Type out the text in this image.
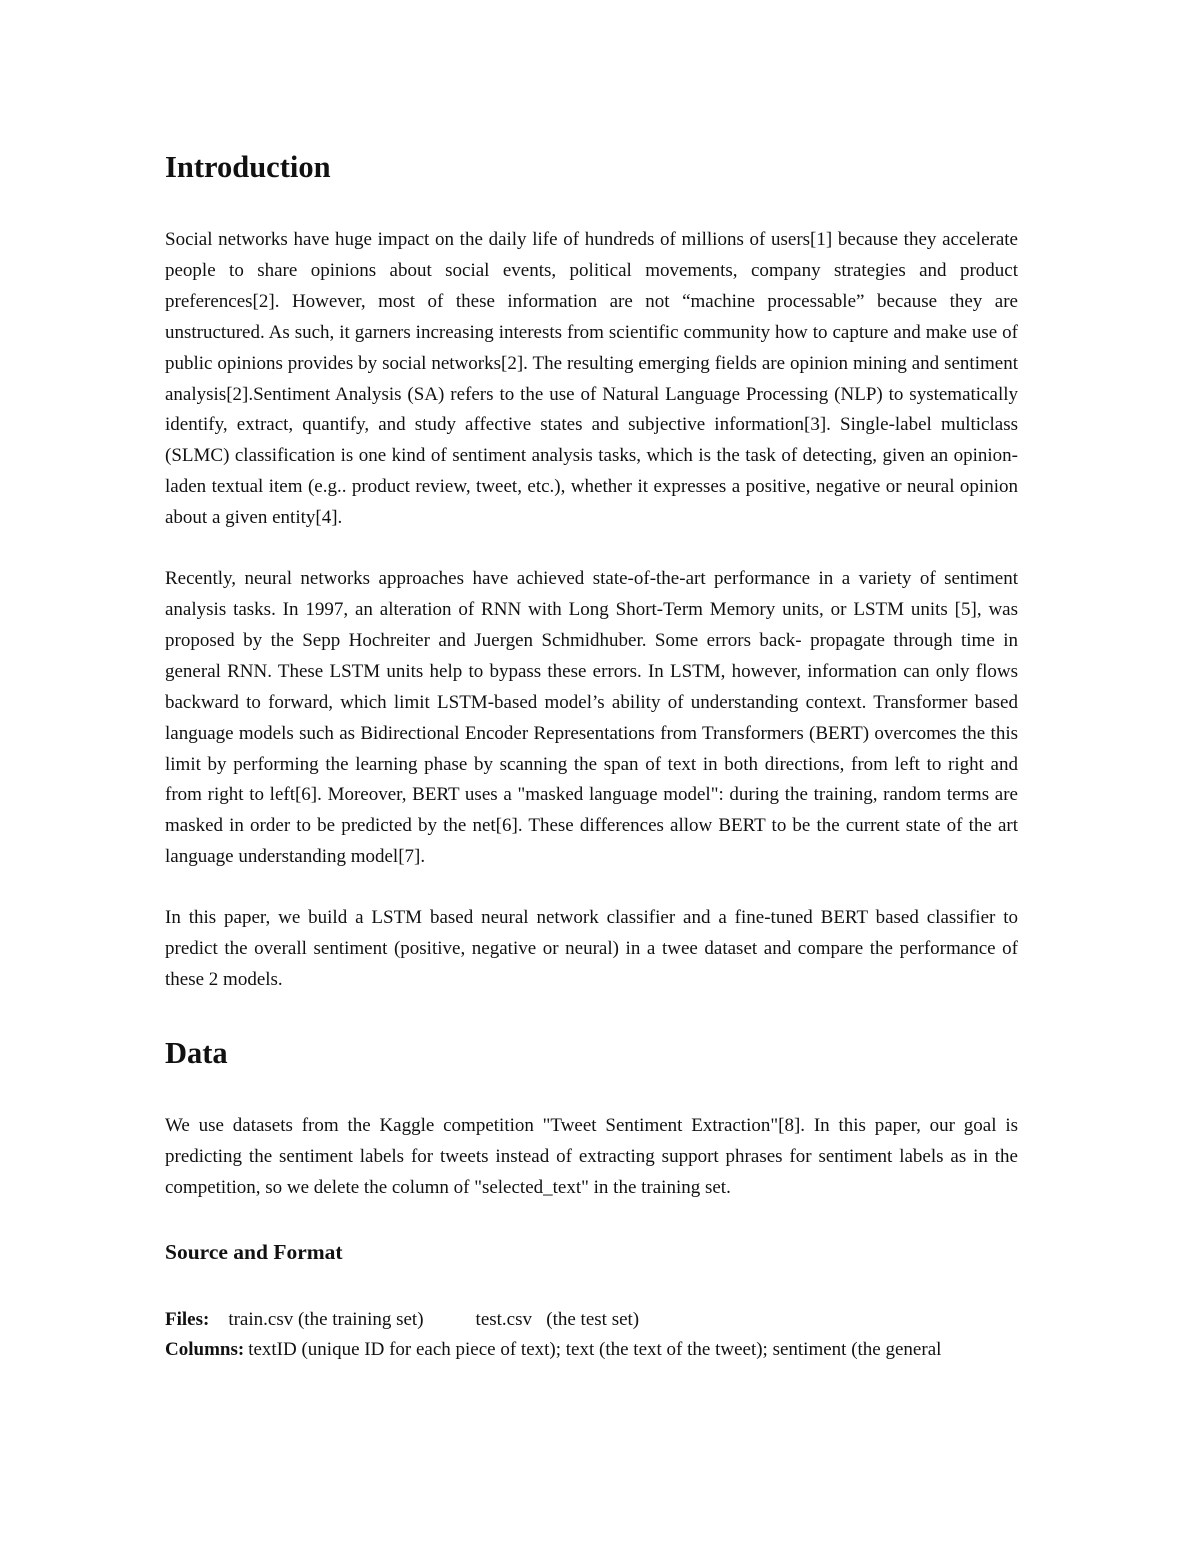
Introduction

Social networks have huge impact on the daily life of hundreds of millions of users[1] because they accelerate people to share opinions about social events, political movements, company strategies and product preferences[2]. However, most of these information are not “machine processable” because they are unstructured. As such, it garners increasing interests from scientific community how to capture and make use of public opinions provides by social networks[2]. The resulting emerging fields are opinion mining and sentiment analysis[2].Sentiment Analysis (SA) refers to the use of Natural Language Processing (NLP) to systematically identify, extract, quantify, and study affective states and subjective information[3]. Single-label multiclass (SLMC) classification is one kind of sentiment analysis tasks, which is the task of detecting, given an opinion-laden textual item (e.g.. product review, tweet, etc.), whether it expresses a positive, negative or neural opinion about a given entity[4].

Recently, neural networks approaches have achieved state-of-the-art performance in a variety of sentiment analysis tasks. In 1997, an alteration of RNN with Long Short-Term Memory units, or LSTM units [5], was proposed by the Sepp Hochreiter and Juergen Schmidhuber. Some errors back- propagate through time in general RNN. These LSTM units help to bypass these errors. In LSTM, however, information can only flows backward to forward, which limit LSTM-based model’s ability of understanding context. Transformer based language models such as Bidirectional Encoder Representations from Transformers (BERT) overcomes the this limit by performing the learning phase by scanning the span of text in both directions, from left to right and from right to left[6]. Moreover, BERT uses a "masked language model": during the training, random terms are masked in order to be predicted by the net[6]. These differences allow BERT to be the current state of the art language understanding model[7].

In this paper, we build a LSTM based neural network classifier and a fine-tuned BERT based classifier to predict the overall sentiment (positive, negative or neural) in a twee dataset and compare the performance of these 2 models.

Data

We use datasets from the Kaggle competition "Tweet Sentiment Extraction"[8]. In this paper, our goal is predicting the sentiment labels for tweets instead of extracting support phrases for sentiment labels as in the competition, so we delete the column of "selected_text" in the training set.

Source and Format
Files: train.csv (the training set)	test.csv (the test set)
Columns: textID (unique ID for each piece of text); text (the text of the tweet); sentiment (the general
